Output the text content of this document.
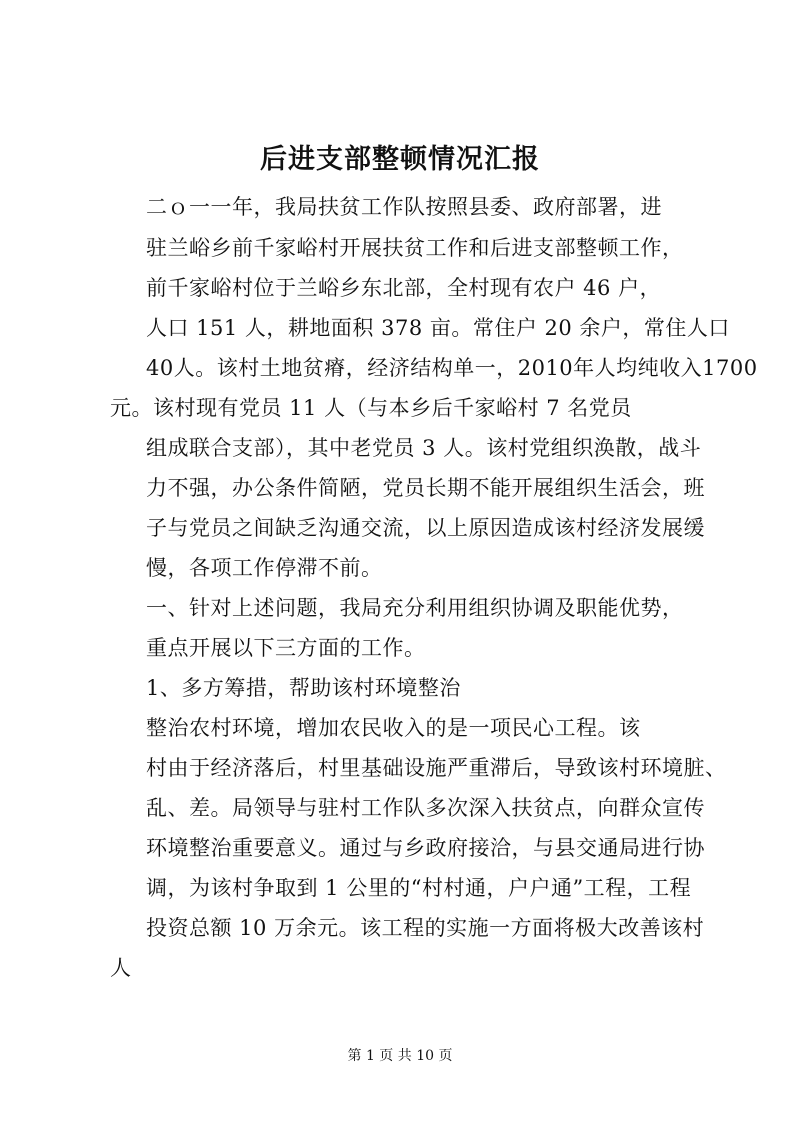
后进支部整顿情况汇报
二ｏ一一年，我局扶贫工作队按照县委、政府部署，进
驻兰峪乡前千家峪村开展扶贫工作和后进支部整顿工作，
前千家峪村位于兰峪乡东北部，全村现有农户 46 户，
人口 151 人，耕地面积 378 亩。常住户 20 余户，常住人口
40人。该村土地贫瘠，经济结构单一，2010年人均纯收入1700
元。该村现有党员 11 人（与本乡后千家峪村 7 名党员
组成联合支部），其中老党员 3 人。该村党组织涣散，战斗
力不强，办公条件简陋，党员长期不能开展组织生活会，班
子与党员之间缺乏沟通交流，以上原因造成该村经济发展缓
慢，各项工作停滞不前。
一、针对上述问题，我局充分利用组织协调及职能优势，
重点开展以下三方面的工作。
1、多方筹措，帮助该村环境整治
整治农村环境，增加农民收入的是一项民心工程。该
村由于经济落后，村里基础设施严重滞后，导致该村环境脏、
乱、差。局领导与驻村工作队多次深入扶贫点，向群众宣传
环境整治重要意义。通过与乡政府接洽，与县交通局进行协
调，为该村争取到 1 公里的“村村通，户户通”工程，工程
投资总额 10 万余元。该工程的实施一方面将极大改善该村
人
第 1 页 共 10 页
